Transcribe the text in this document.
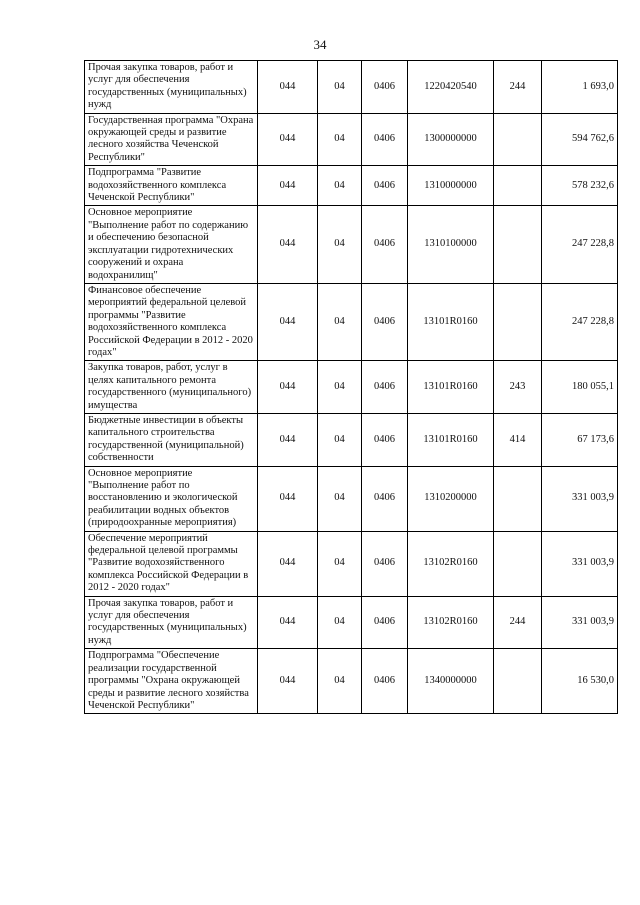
34
Прочая закупка товаров, работ и услуг для обеспечения государственных (муниципальных) нужд	044	04	0406	1220420540	244	1 693,0
Государственная программа "Охрана окружающей среды и развитие лесного хозяйства Чеченской Республики"	044	04	0406	1300000000		594 762,6
Подпрограмма "Развитие водохозяйственного комплекса Чеченской Республики"	044	04	0406	1310000000		578 232,6
Основное мероприятие "Выполнение работ по содержанию и обеспечению безопасной эксплуатации гидротехнических сооружений и охрана водохранилищ"	044	04	0406	1310100000		247 228,8
Финансовое обеспечение мероприятий федеральной целевой программы "Развитие водохозяйственного комплекса Российской Федерации в 2012 - 2020 годах"	044	04	0406	13101R0160		247 228,8
Закупка товаров, работ, услуг в целях капитального ремонта государственного (муниципального) имущества	044	04	0406	13101R0160	243	180 055,1
Бюджетные инвестиции в объекты капитального строительства государственной (муниципальной) собственности	044	04	0406	13101R0160	414	67 173,6
Основное мероприятие "Выполнение работ по восстановлению и экологической реабилитации водных объектов (природоохранные мероприятия)	044	04	0406	1310200000		331 003,9
Обеспечение мероприятий федеральной целевой программы "Развитие водохозяйственного комплекса Российской Федерации в 2012 - 2020 годах"	044	04	0406	13102R0160		331 003,9
Прочая закупка товаров, работ и услуг для обеспечения государственных (муниципальных) нужд	044	04	0406	13102R0160	244	331 003,9
Подпрограмма "Обеспечение реализации государственной программы "Охрана окружающей среды и развитие лесного хозяйства Чеченской Республики"	044	04	0406	1340000000		16 530,0
